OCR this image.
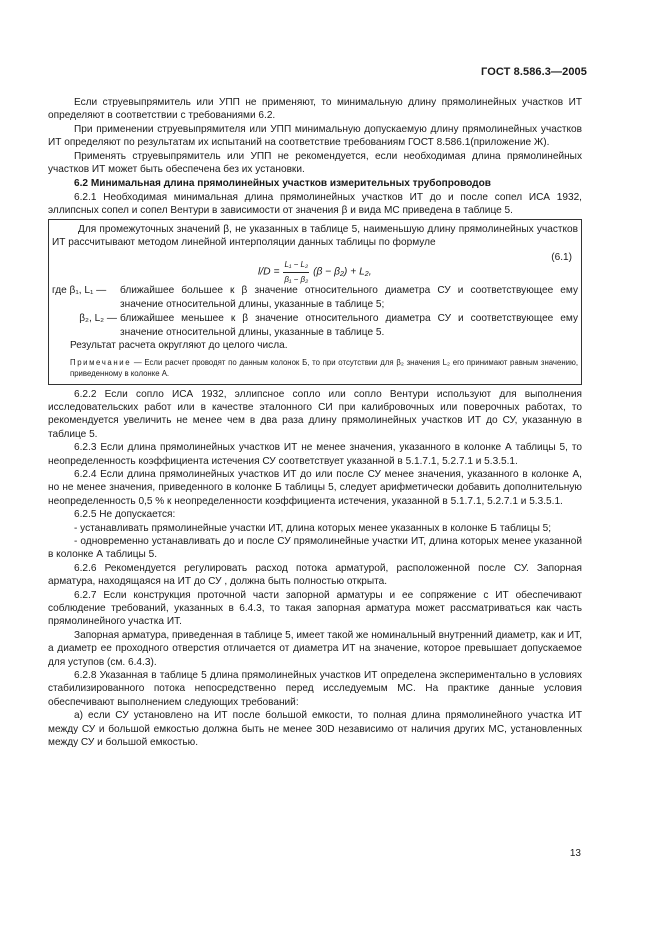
ГОСТ 8.586.3—2005

Если струевыпрямитель или УПП не применяют, то минимальную длину прямолинейных участков ИТ определяют в соответствии с требованиями 6.2.

При применении струевыпрямителя или УПП минимальную допускаемую длину прямолинейных участков ИТ определяют по результатам их испытаний на соответствие требованиям ГОСТ 8.586.1(приложение Ж).

Применять струевыпрямитель или УПП не рекомендуется, если необходимая длина прямолинейных участков ИТ может быть обеспечена без их установки.

6.2 Минимальная длина прямолинейных участков измерительных трубопроводов

6.2.1 Необходимая минимальная длина прямолинейных участков ИТ до и после сопел ИСА 1932, эллипсных сопел и сопел Вентури в зависимости от значения β и вида МС приведена в таблице 5.

Для промежуточных значений β, не указанных в таблице 5, наименьшую длину прямолинейных участков ИТ рассчитывают методом линейной интерполяции данных таблицы по формуле

$l/D = \frac{\text{L₁ − L₂}}{\text{β₁ − β₂}} (\beta - \beta_2) + L_2$,
(6.1)
где β₁, L₁ —	ближайшее большее к β значение относительного диаметра СУ и соответствующее ему значение относительной длины, указанные в таблице 5;
β₂, L₂ — ближайшее меньшее к β значение относительного диаметра СУ и соответствующее ему значение относительной длины, указанные в таблице 5.

Результат расчета округляют до целого числа.

Примечание — Если расчет проводят по данным колонок Б, то при отсутствии для β₂ значения L₂ его принимают равным значению, приведенному в колонке А.

6.2.2 Если сопло ИСА 1932, эллипсное сопло или сопло Вентури используют для выполнения исследовательских работ или в качестве эталонного СИ при калибровочных или поверочных работах, то рекомендуется увеличить не менее чем в два раза длину прямолинейных участков ИТ до СУ, указанную в таблице 5.

6.2.3 Если длина прямолинейных участков ИТ не менее значения, указанного в колонке А таблицы 5, то неопределенность коэффициента истечения СУ соответствует указанной в 5.1.7.1, 5.2.7.1 и 5.3.5.1.

6.2.4 Если длина прямолинейных участков ИТ до или после СУ менее значения, указанного в колонке А, но не менее значения, приведенного в колонке Б таблицы 5, следует арифметически добавить дополнительную неопределенность 0,5 % к неопределенности коэффициента истечения, указанной в 5.1.7.1, 5.2.7.1 и 5.3.5.1.

6.2.5 Не допускается:

- устанавливать прямолинейные участки ИТ, длина которых менее указанных в колонке Б таблицы 5;

- одновременно устанавливать до и после СУ прямолинейные участки ИТ, длина которых менее указанной в колонке А таблицы 5.

6.2.6 Рекомендуется регулировать расход потока арматурой, расположенной после СУ. Запорная арматура, находящаяся на ИТ до СУ , должна быть полностью открыта.

6.2.7 Если конструкция проточной части запорной арматуры и ее сопряжение с ИТ обеспечивают соблюдение требований, указанных в 6.4.3, то такая запорная арматура может рассматриваться как часть прямолинейного участка ИТ.

Запорная арматура, приведенная в таблице 5, имеет такой же номинальный внутренний диаметр, как и ИТ, а диаметр ее проходного отверстия отличается от диаметра ИТ на значение, которое превышает допускаемое для уступов (см. 6.4.3).

6.2.8 Указанная в таблице 5 длина прямолинейных участков ИТ определена экспериментально в условиях стабилизированного потока непосредственно перед исследуемым МС. На практике данные условия обеспечивают выполнением следующих требований:

а) если СУ установлено на ИТ после большой емкости, то полная длина прямолинейного участка ИТ между СУ и большой емкостью должна быть не менее 30D независимо от наличия других МС, установленных между СУ и большой емкостью.

13
